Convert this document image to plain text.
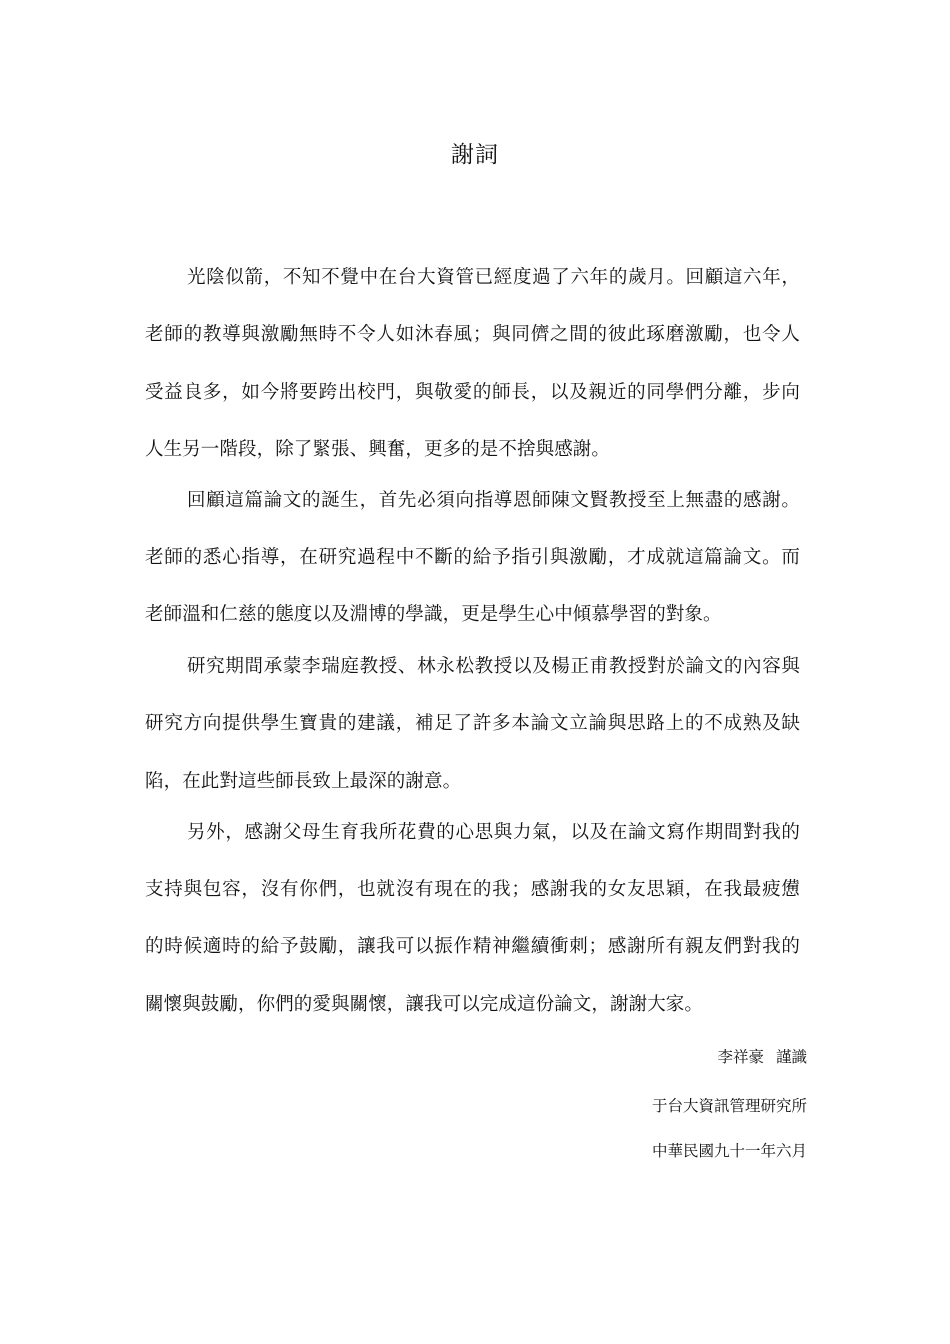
謝詞
光陰似箭，不知不覺中在台大資管已經度過了六年的歲月。回顧這六年，
老師的教導與激勵無時不令人如沐春風；與同儕之間的彼此琢磨激勵，也令人
受益良多，如今將要跨出校門，與敬愛的師長，以及親近的同學們分離，步向
人生另一階段，除了緊張、興奮，更多的是不捨與感謝。
回顧這篇論文的誕生，首先必須向指導恩師陳文賢教授至上無盡的感謝。
老師的悉心指導，在研究過程中不斷的給予指引與激勵，才成就這篇論文。而
老師溫和仁慈的態度以及淵博的學識，更是學生心中傾慕學習的對象。
研究期間承蒙李瑞庭教授、林永松教授以及楊正甫教授對於論文的內容與
研究方向提供學生寶貴的建議，補足了許多本論文立論與思路上的不成熟及缺
陷，在此對這些師長致上最深的謝意。
另外，感謝父母生育我所花費的心思與力氣，以及在論文寫作期間對我的
支持與包容，沒有你們，也就沒有現在的我；感謝我的女友思穎，在我最疲憊
的時候適時的給予鼓勵，讓我可以振作精神繼續衝刺；感謝所有親友們對我的
關懷與鼓勵，你們的愛與關懷，讓我可以完成這份論文，謝謝大家。
李祥豪 謹識
于台大資訊管理研究所
中華民國九十一年六月
